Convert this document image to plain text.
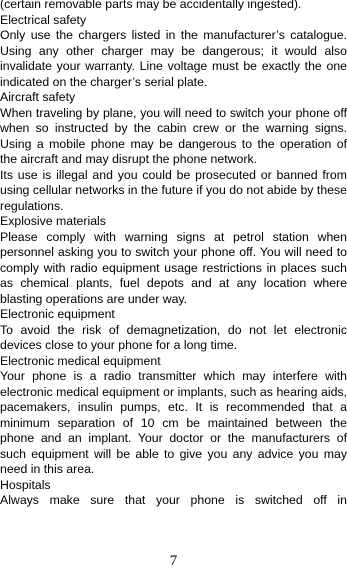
(certain removable parts may be accidentally ingested).

Electrical safety

Only use the chargers listed in the manufacturer’s catalogue. Using any other charger may be dangerous; it would also invalidate your warranty. Line voltage must be exactly the one indicated on the charger’s serial plate.

Aircraft safety

When traveling by plane, you will need to switch your phone off when so instructed by the cabin crew or the warning signs. Using a mobile phone may be dangerous to the operation of the aircraft and may disrupt the phone network.

Its use is illegal and you could be prosecuted or banned from using cellular networks in the future if you do not abide by these regulations.

Explosive materials

Please comply with warning signs at petrol station when personnel asking you to switch your phone off. You will need to comply with radio equipment usage restrictions in places such as chemical plants, fuel depots and at any location where blasting operations are under way.

Electronic equipment

To avoid the risk of demagnetization, do not let electronic devices close to your phone for a long time.

Electronic medical equipment

Your phone is a radio transmitter which may interfere with electronic medical equipment or implants, such as hearing aids, pacemakers, insulin pumps, etc. It is recommended that a minimum separation of 10 cm be maintained between the phone and an implant. Your doctor or the manufacturers of such equipment will be able to give you any advice you may need in this area.

Hospitals

Always make sure that your phone is switched off in

7
